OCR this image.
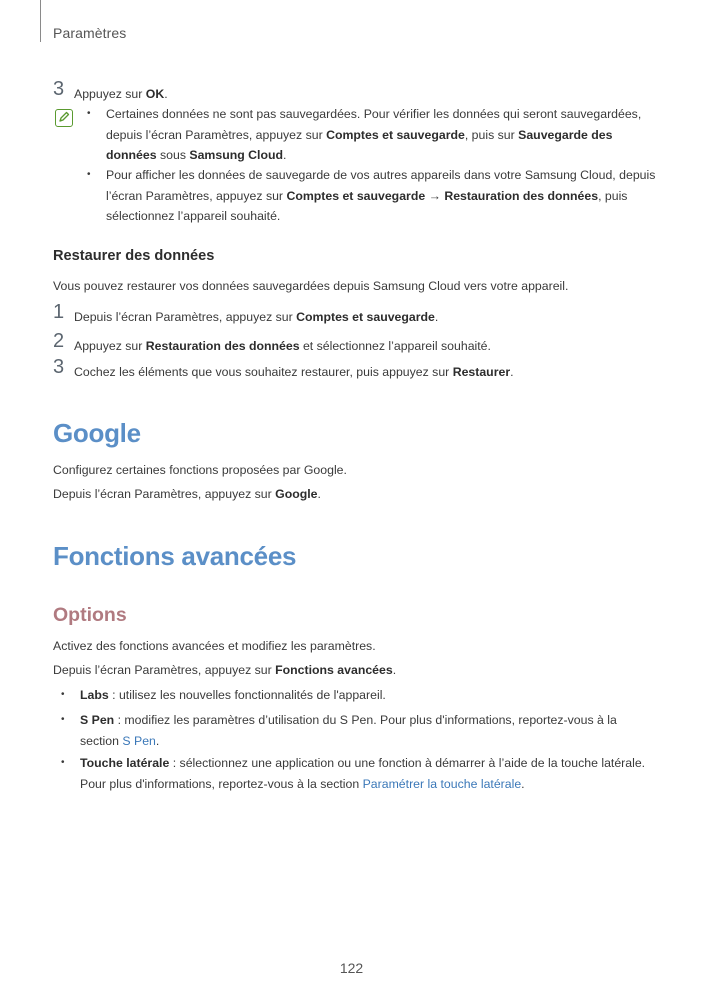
Paramètres
3 Appuyez sur OK.
• Certaines données ne sont pas sauvegardées. Pour vérifier les données qui seront sauvegardées,
depuis l’écran Paramètres, appuyez sur Comptes et sauvegarde, puis sur Sauvegarde des
données sous Samsung Cloud.
• Pour afficher les données de sauvegarde de vos autres appareils dans votre Samsung Cloud, depuis
l’écran Paramètres, appuyez sur Comptes et sauvegarde → Restauration des données, puis
sélectionnez l’appareil souhaité.
Restaurer des données
Vous pouvez restaurer vos données sauvegardées depuis Samsung Cloud vers votre appareil.
1 Depuis l’écran Paramètres, appuyez sur Comptes et sauvegarde.
2 Appuyez sur Restauration des données et sélectionnez l’appareil souhaité.
3 Cochez les éléments que vous souhaitez restaurer, puis appuyez sur Restaurer.
Google
Configurez certaines fonctions proposées par Google.
Depuis l’écran Paramètres, appuyez sur Google.
Fonctions avancées
Options
Activez des fonctions avancées et modifiez les paramètres.
Depuis l’écran Paramètres, appuyez sur Fonctions avancées.
• Labs : utilisez les nouvelles fonctionnalités de l'appareil.
• S Pen : modifiez les paramètres d’utilisation du S Pen. Pour plus d'informations, reportez-vous à la
section S Pen.
• Touche latérale : sélectionnez une application ou une fonction à démarrer à l’aide de la touche latérale.
Pour plus d'informations, reportez-vous à la section Paramétrer la touche latérale.
122
